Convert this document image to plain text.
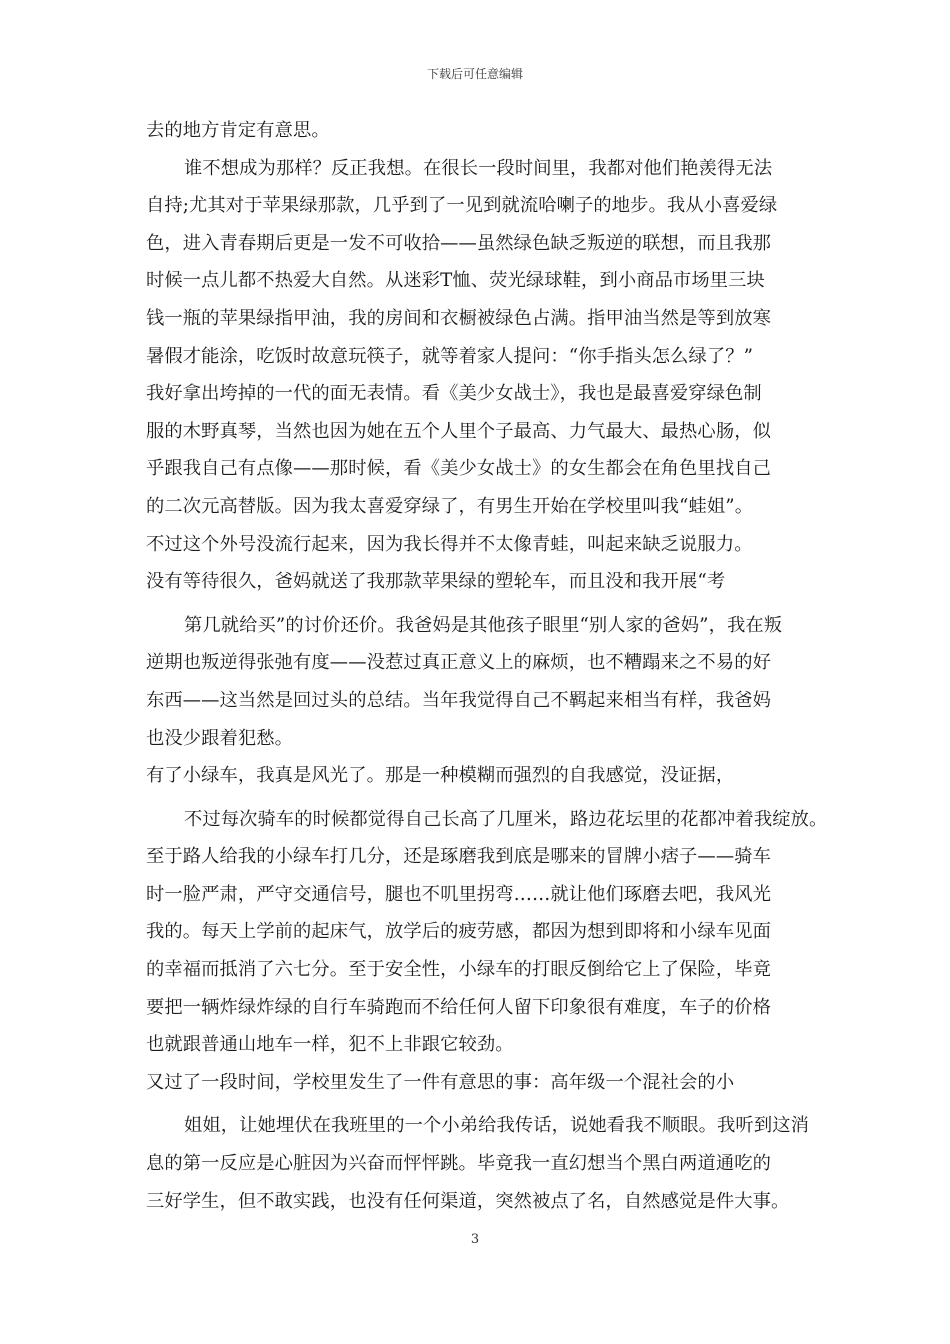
下载后可任意编辑
去的地方肯定有意思。
谁不想成为那样？反正我想。在很长一段时间里，我都对他们艳羡得无法
自持;尤其对于苹果绿那款，几乎到了一见到就流哈喇子的地步。我从小喜爱绿
色，进入青春期后更是一发不可收拾——虽然绿色缺乏叛逆的联想，而且我那
时候一点儿都不热爱大自然。从迷彩T恤、荧光绿球鞋，到小商品市场里三块
钱一瓶的苹果绿指甲油，我的房间和衣橱被绿色占满。指甲油当然是等到放寒
暑假才能涂，吃饭时故意玩筷子，就等着家人提问：“你手指头怎么绿了？”
我好拿出垮掉的一代的面无表情。看《美少女战士》，我也是最喜爱穿绿色制
服的木野真琴，当然也因为她在五个人里个子最高、力气最大、最热心肠，似
乎跟我自己有点像——那时候，看《美少女战士》的女生都会在角色里找自己
的二次元高替版。因为我太喜爱穿绿了，有男生开始在学校里叫我“蛙姐”。
不过这个外号没流行起来，因为我长得并不太像青蛙，叫起来缺乏说服力。
没有等待很久，爸妈就送了我那款苹果绿的塑轮车，而且没和我开展“考
第几就给买”的讨价还价。我爸妈是其他孩子眼里“别人家的爸妈”，我在叛
逆期也叛逆得张弛有度——没惹过真正意义上的麻烦，也不糟蹋来之不易的好
东西——这当然是回过头的总结。当年我觉得自己不羁起来相当有样，我爸妈
也没少跟着犯愁。
有了小绿车，我真是风光了。那是一种模糊而强烈的自我感觉，没证据，
不过每次骑车的时候都觉得自己长高了几厘米，路边花坛里的花都冲着我绽放。
至于路人给我的小绿车打几分，还是琢磨我到底是哪来的冒牌小痞子——骑车
时一脸严肃，严守交通信号，腿也不叽里拐弯……就让他们琢磨去吧，我风光
我的。每天上学前的起床气，放学后的疲劳感，都因为想到即将和小绿车见面
的幸福而抵消了六七分。至于安全性，小绿车的打眼反倒给它上了保险，毕竟
要把一辆炸绿炸绿的自行车骑跑而不给任何人留下印象很有难度，车子的价格
也就跟普通山地车一样，犯不上非跟它较劲。
又过了一段时间，学校里发生了一件有意思的事：高年级一个混社会的小
姐姐，让她埋伏在我班里的一个小弟给我传话，说她看我不顺眼。我听到这消
息的第一反应是心脏因为兴奋而怦怦跳。毕竟我一直幻想当个黑白两道通吃的
三好学生，但不敢实践，也没有任何渠道，突然被点了名，自然感觉是件大事。
3
